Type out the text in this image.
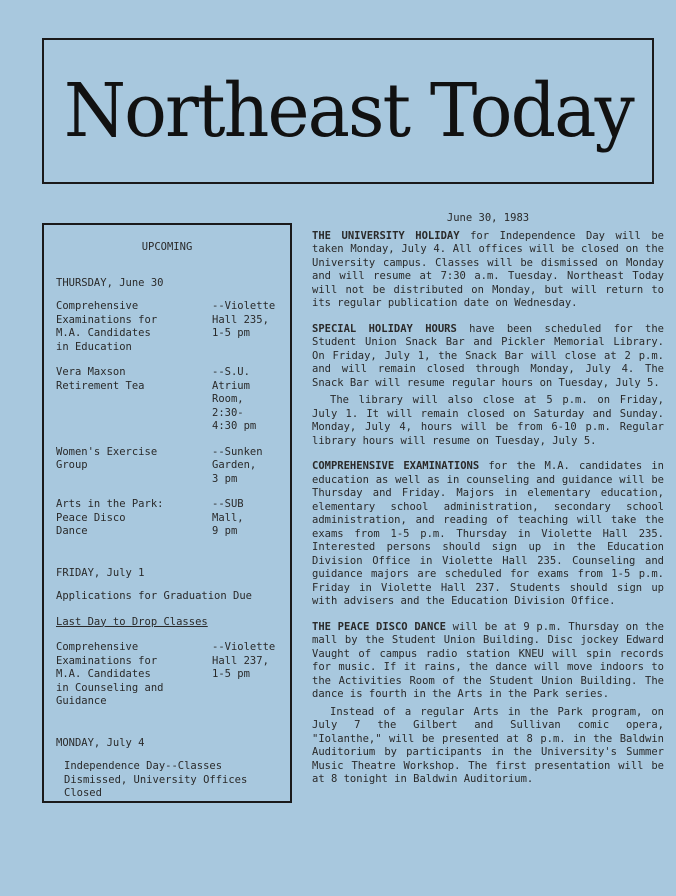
Northeast Today
UPCOMING
THURSDAY, June 30
Comprehensive
Examinations for
M.A. Candidates
in Education
--Violette
Hall 235,
1-5 pm
Vera Maxson
Retirement Tea
--S.U.
Atrium
Room,
2:30-
4:30 pm
Women's Exercise
Group
--Sunken
Garden,
3 pm
Arts in the Park:
Peace Disco
Dance
--SUB Mall,
9 pm
FRIDAY, July 1
Applications for Graduation Due
Last Day to Drop Classes
Comprehensive
Examinations for
M.A. Candidates
in Counseling and
Guidance
--Violette
Hall 237,
1-5 pm
MONDAY, July 4
Independence Day--Classes
Dismissed, University Offices
Closed
June 30, 1983

THE UNIVERSITY HOLIDAY for Independence Day will be taken Monday, July 4. All offices will be closed on the University campus. Classes will be dismissed on Monday and will resume at 7:30 a.m. Tuesday. Northeast Today will not be distributed on Monday, but will return to its regular publication date on Wednesday.

SPECIAL HOLIDAY HOURS have been scheduled for the Student Union Snack Bar and Pickler Memorial Library. On Friday, July 1, the Snack Bar will close at 2 p.m. and will remain closed through Monday, July 4. The Snack Bar will resume regular hours on Tuesday, July 5.

The library will also close at 5 p.m. on Friday, July 1. It will remain closed on Saturday and Sunday. Monday, July 4, hours will be from 6-10 p.m. Regular library hours will resume on Tuesday, July 5.

COMPREHENSIVE EXAMINATIONS for the M.A. candidates in education as well as in counseling and guidance will be Thursday and Friday. Majors in elementary education, elementary school administration, secondary school administration, and reading of teaching will take the exams from 1-5 p.m. Thursday in Violette Hall 235. Interested persons should sign up in the Education Division Office in Violette Hall 235. Counseling and guidance majors are scheduled for exams from 1-5 p.m. Friday in Violette Hall 237. Students should sign up with advisers and the Education Division Office.

THE PEACE DISCO DANCE will be at 9 p.m. Thursday on the mall by the Student Union Building. Disc jockey Edward Vaught of campus radio station KNEU will spin records for music. If it rains, the dance will move indoors to the Activities Room of the Student Union Building. The dance is fourth in the Arts in the Park series.

Instead of a regular Arts in the Park program, on July 7 the Gilbert and Sullivan comic opera, "Iolanthe," will be presented at 8 p.m. in the Baldwin Auditorium by participants in the University's Summer Music Theatre Workshop. The first presentation will be at 8 tonight in Baldwin Auditorium.
